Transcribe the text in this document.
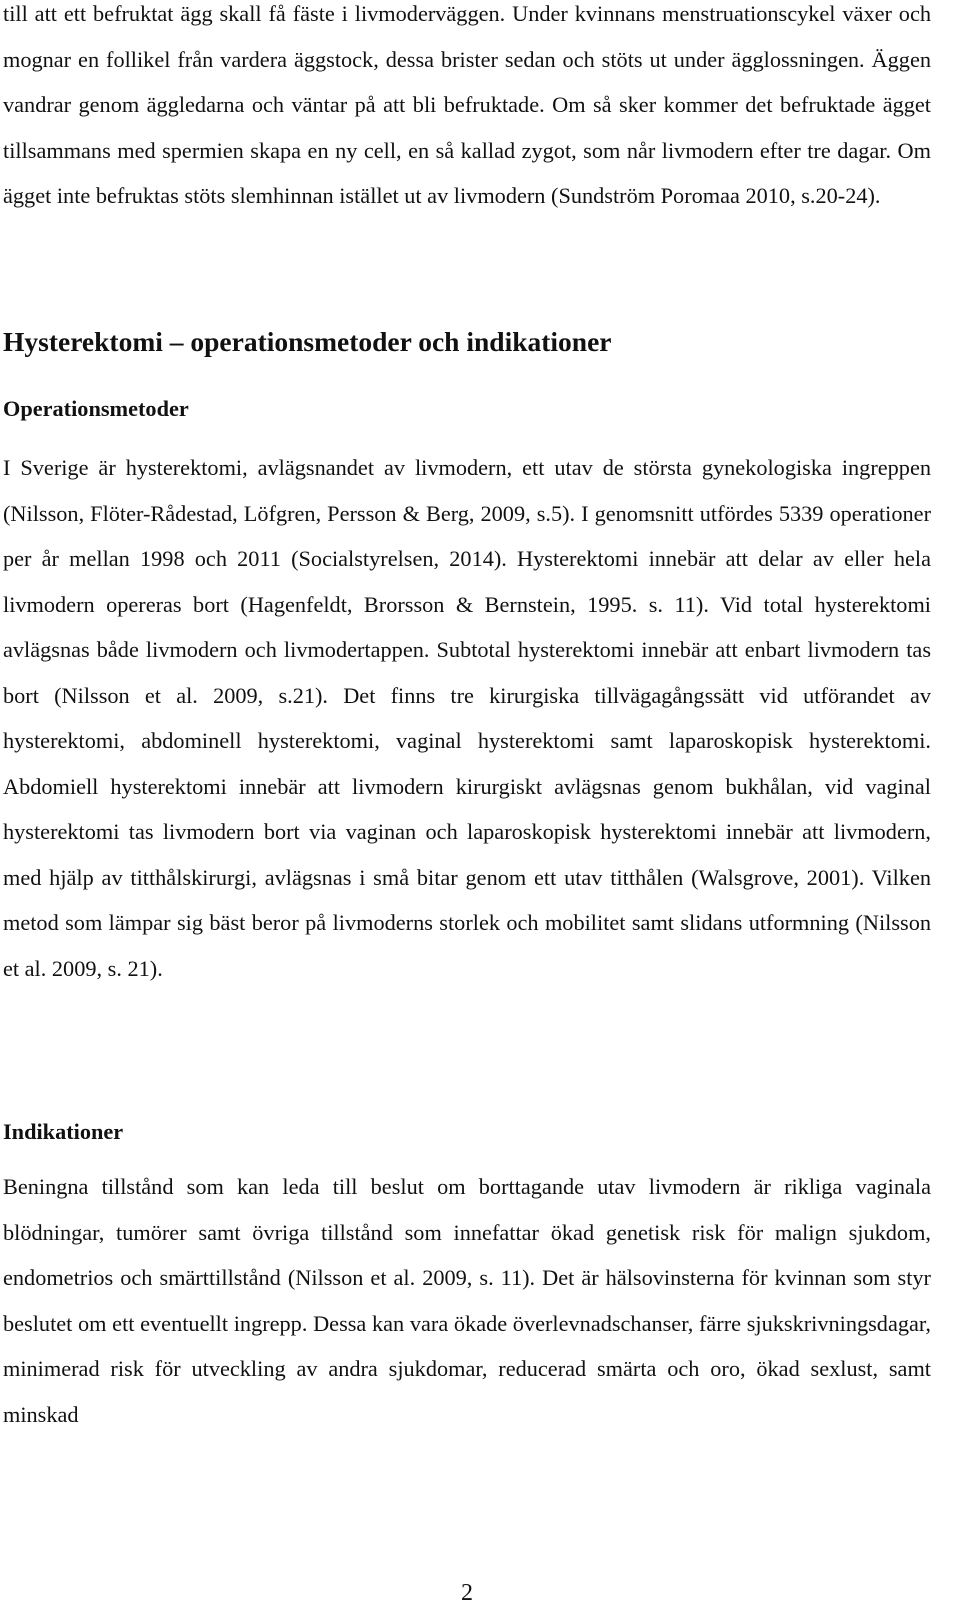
till att ett befruktat ägg skall få fäste i livmoderväggen. Under kvinnans menstruationscykel växer och mognar en follikel från vardera äggstock, dessa brister sedan och stöts ut under ägglossningen. Äggen vandrar genom äggledarna och väntar på att bli befruktade. Om så sker kommer det befruktade ägget tillsammans med spermien skapa en ny cell, en så kallad zygot, som når livmodern efter tre dagar. Om ägget inte befruktas stöts slemhinnan istället ut av livmodern (Sundström Poromaa 2010, s.20-24).

Hysterektomi – operationsmetoder och indikationer
Operationsmetoder

I Sverige är hysterektomi, avlägsnandet av livmodern, ett utav de största gynekologiska ingreppen (Nilsson, Flöter-Rådestad, Löfgren, Persson & Berg, 2009, s.5). I genomsnitt utfördes 5339 operationer per år mellan 1998 och 2011 (Socialstyrelsen, 2014). Hysterektomi innebär att delar av eller hela livmodern opereras bort (Hagenfeldt, Brorsson & Bernstein, 1995. s. 11). Vid total hysterektomi avlägsnas både livmodern och livmodertappen. Subtotal hysterektomi innebär att enbart livmodern tas bort (Nilsson et al. 2009, s.21). Det finns tre kirurgiska tillvägagångssätt vid utförandet av hysterektomi, abdominell hysterektomi, vaginal hysterektomi samt laparoskopisk hysterektomi. Abdomiell hysterektomi innebär att livmodern kirurgiskt avlägsnas genom bukhålan, vid vaginal hysterektomi tas livmodern bort via vaginan och laparoskopisk hysterektomi innebär att livmodern, med hjälp av titthålskirurgi, avlägsnas i små bitar genom ett utav titthålen (Walsgrove, 2001). Vilken metod som lämpar sig bäst beror på livmoderns storlek och mobilitet samt slidans utformning (Nilsson et al. 2009, s. 21).

Indikationer

Beningna tillstånd som kan leda till beslut om borttagande utav livmodern är rikliga vaginala blödningar, tumörer samt övriga tillstånd som innefattar ökad genetisk risk för malign sjukdom, endometrios och smärttillstånd (Nilsson et al. 2009, s. 11). Det är hälsovinsterna för kvinnan som styr beslutet om ett eventuellt ingrepp. Dessa kan vara ökade överlevnadschanser, färre sjukskrivningsdagar, minimerad risk för utveckling av andra sjukdomar, reducerad smärta och oro, ökad sexlust, samt minskad

2
